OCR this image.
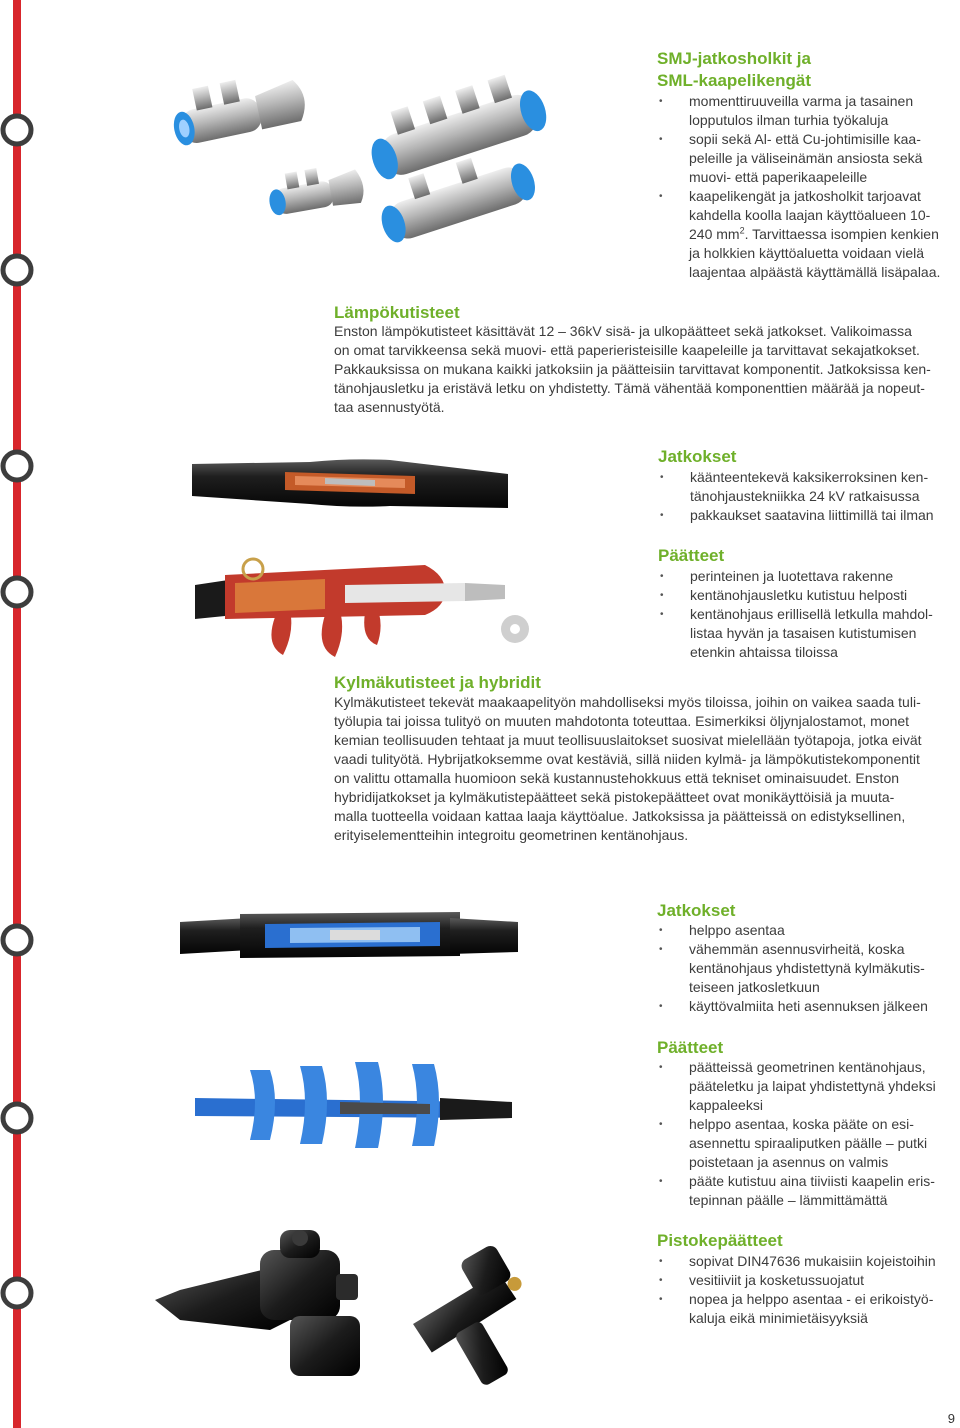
SMJ-jatkosholkit ja
SML-kaapelikengät
• momenttiruuveilla varma ja tasainen
lopputulos ilman turhia työkaluja
• sopii sekä Al- että Cu-johtimisille kaa-
peleille ja väliseinämän ansiosta sekä
muovi- että paperikaapeleille
• kaapelikengät ja jatkosholkit tarjoavat
kahdella koolla laajan käyttöalueen 10-
240 $mm^2$. Tarvittaessa isompien kenkien
ja holkkien käyttöaluetta voidaan vielä
laajentaa alpäästä käyttämällä lisäpalaa.
Lämpökutisteet

Enston lämpökutisteet käsittävät 12 – 36kV sisä- ja ulkopäätteet sekä jatkokset. Valikoimassa
on omat tarvikkeensa sekä muovi- että paperieristeisille kaapeleille ja tarvittavat sekajatkokset.
Pakkauksissa on mukana kaikki jatkoksiin ja päätteisiin tarvittavat komponentit. Jatkoksissa ken-
tänohjausletku ja eristävä letku on yhdistetty. Tämä vähentää komponenttien määrää ja nopeut-
taa asennustyötä.

Jatkokset
• käänteentekevä kaksikerroksinen ken-
tänohjaustekniikka 24 kV ratkaisussa
• pakkaukset saatavina liittimillä tai ilman
Päätteet
• perinteinen ja luotettava rakenne
• kentänohjausletku kutistuu helposti
• kentänohjaus erillisellä letkulla mahdol-
listaa hyvän ja tasaisen kutistumisen
etenkin ahtaissa tiloissa
Kylmäkutisteet ja hybridit

Kylmäkutisteet tekevät maakaapelityön mahdolliseksi myös tiloissa, joihin on vaikea saada tuli-
työlupia tai joissa tulityö on muuten mahdotonta toteuttaa. Esimerkiksi öljynjalostamot, monet
kemian teollisuuden tehtaat ja muut teollisuuslaitokset suosivat mielellään työtapoja, jotka eivät
vaadi tulityötä. Hybrijatkoksemme ovat kestäviä, sillä niiden kylmä- ja lämpökutistekomponentit
on valittu ottamalla huomioon sekä kustannustehokkuus että tekniset ominaisuudet. Enston
hybridijatkokset ja kylmäkutistepäätteet sekä pistokepäätteet ovat monikäyttöisiä ja muuta-
malla tuotteella voidaan kattaa laaja käyttöalue. Jatkoksissa ja päätteissä on edistyksellinen,
erityiselementteihin integroitu geometrinen kentänohjaus.

Jatkokset
• helppo asentaa
• vähemmän asennusvirheitä, koska
kentänohjaus yhdistettynä kylmäkutis-
teiseen jatkosletkuun
• käyttövalmiita heti asennuksen jälkeen
Päätteet
• päätteissä geometrinen kentänohjaus,
pääteletku ja laipat yhdistettynä yhdeksi
kappaleeksi
• helppo asentaa, koska pääte on esi-
asennettu spiraaliputken päälle – putki
poistetaan ja asennus on valmis
• pääte kutistuu aina tiiviisti kaapelin eris-
tepinnan päälle – lämmittämättä
Pistokepäätteet
• sopivat DIN47636 mukaisiin kojeistoihin
• vesitiiviit ja kosketussuojatut
• nopea ja helppo asentaa - ei erikoistyö-
kaluja eikä minimietäisyyksiä
9
